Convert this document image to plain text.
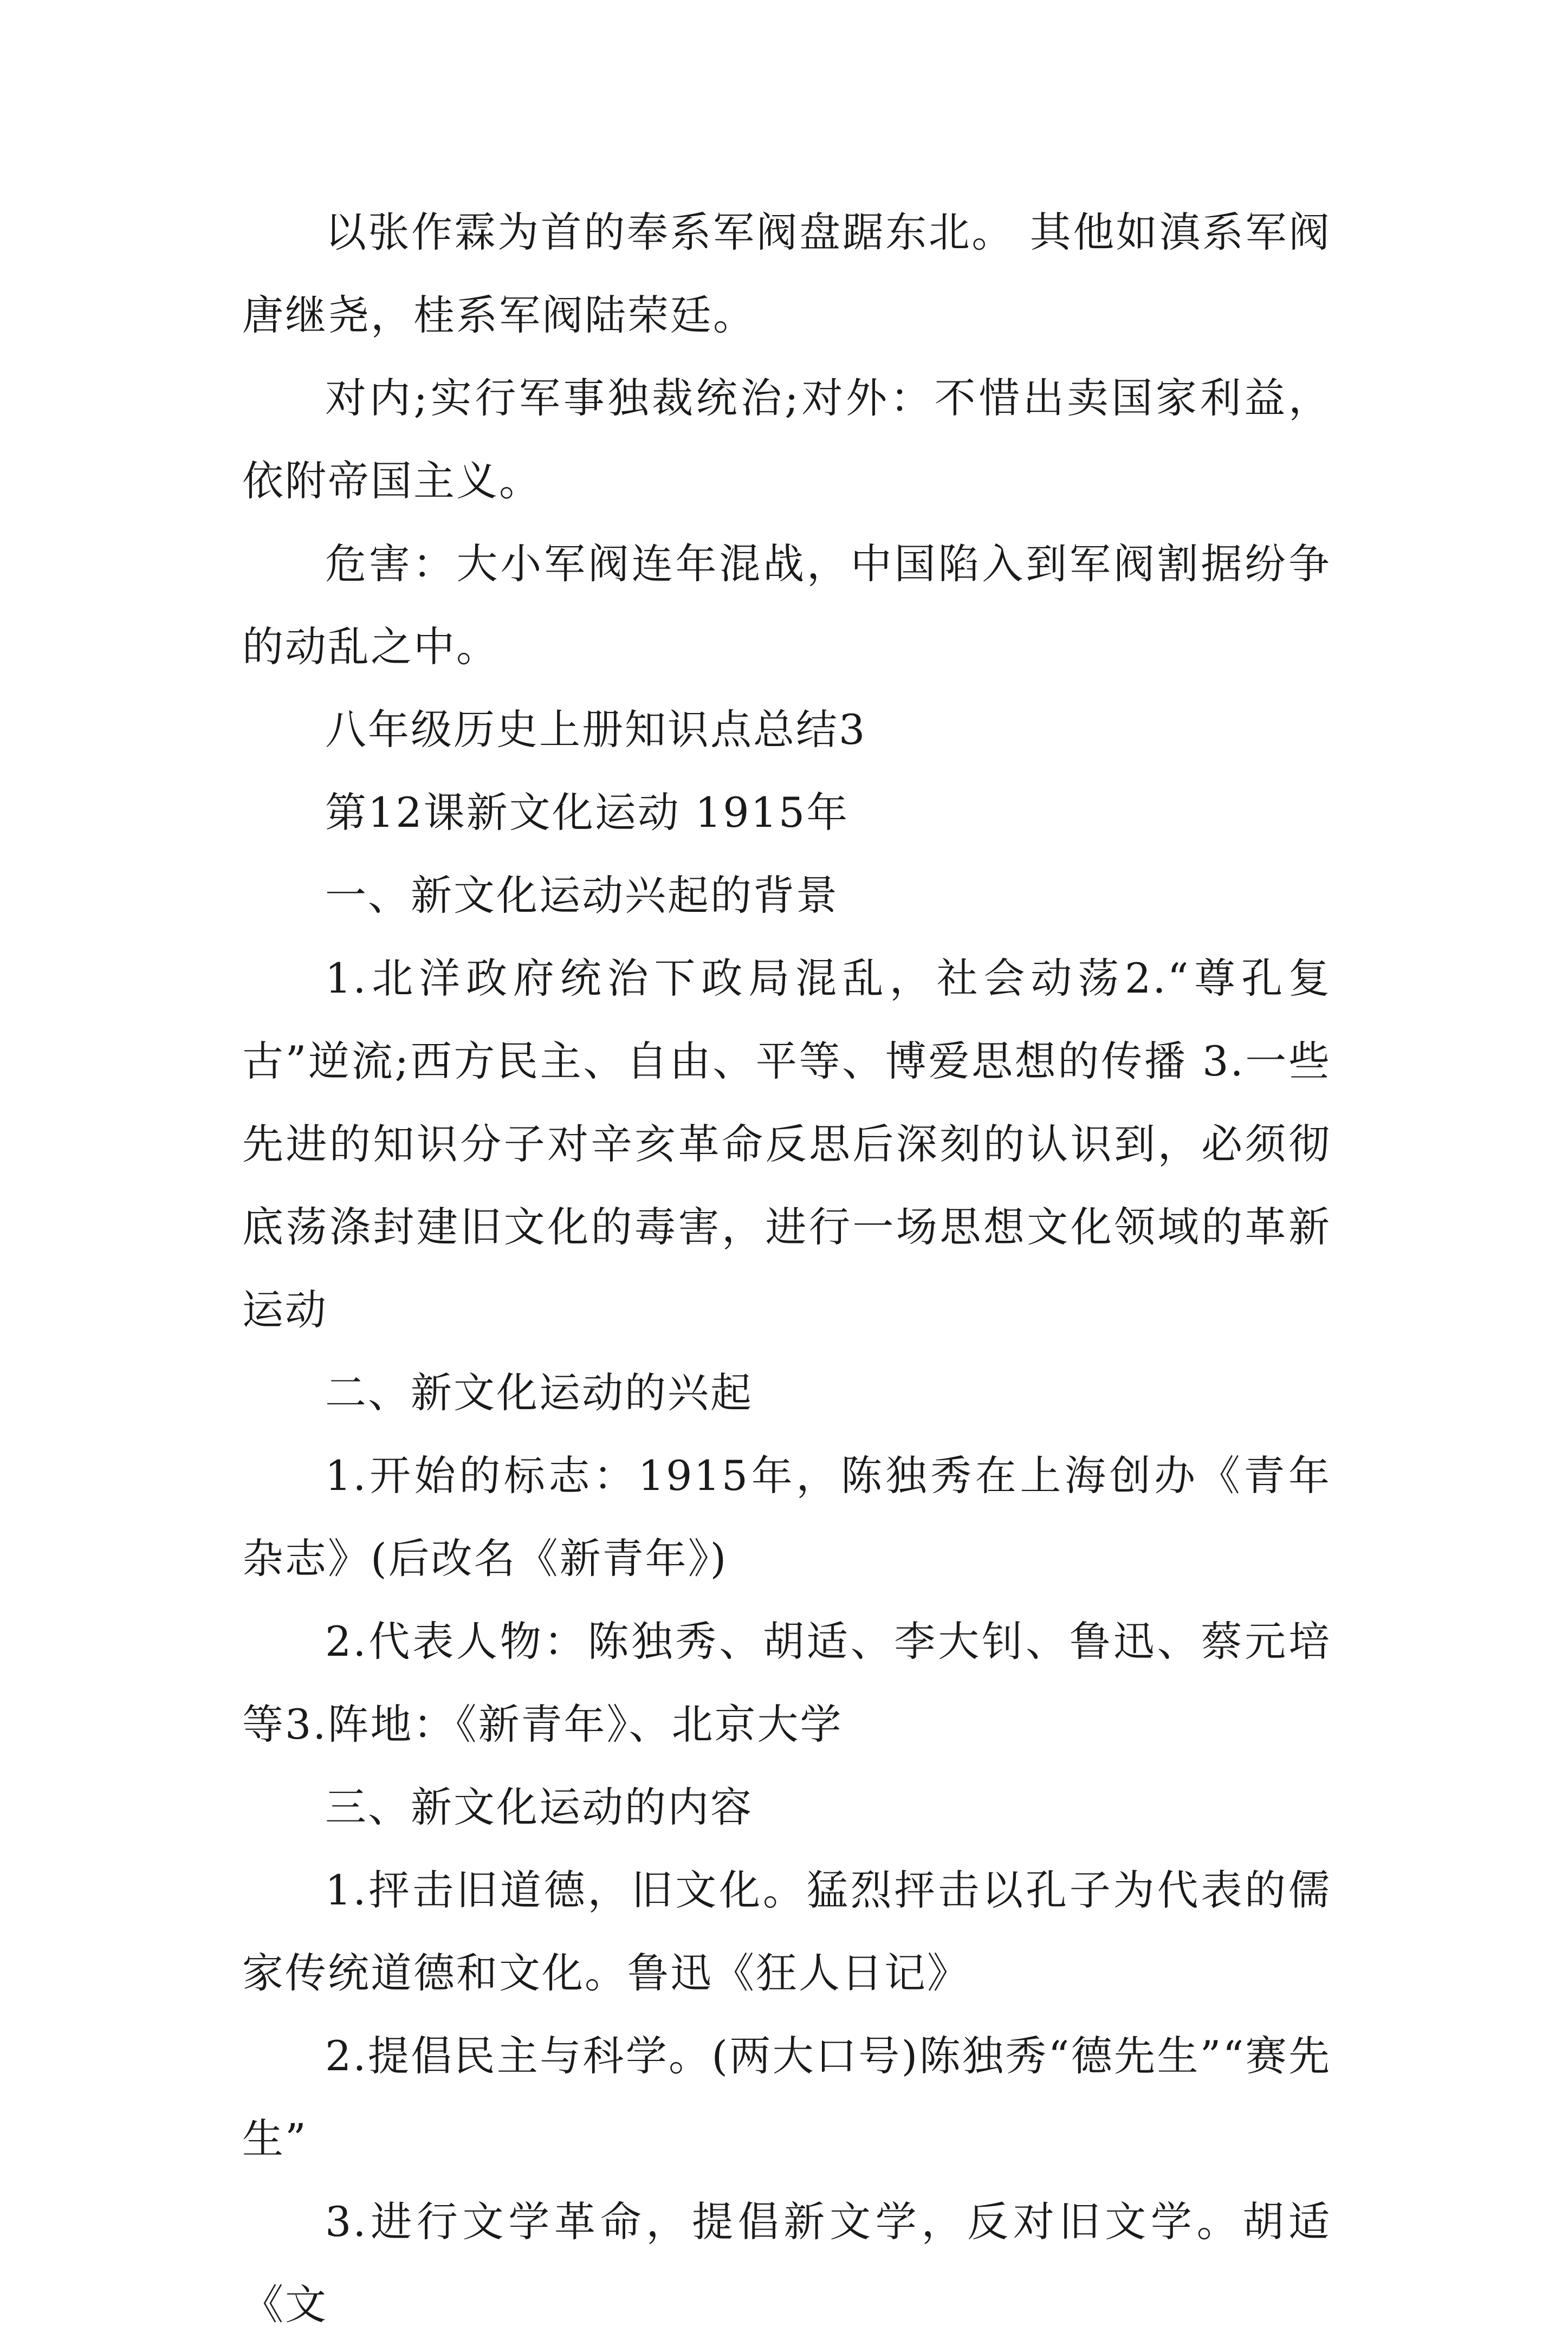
以张作霖为首的奉系军阀盘踞东北。 其他如滇系军阀唐继尧，桂系军阀陆荣廷。

对内;实行军事独裁统治;对外：不惜出卖国家利益，依附帝国主义。

危害：大小军阀连年混战，中国陷入到军阀割据纷争的动乱之中。

八年级历史上册知识点总结3

第12课新文化运动 1915年

一、新文化运动兴起的背景

1.北洋政府统治下政局混乱，社会动荡2.“尊孔复古”逆流;西方民主、自由、平等、博爱思想的传播 3.一些先进的知识分子对辛亥革命反思后深刻的认识到，必须彻底荡涤封建旧文化的毒害，进行一场思想文化领域的革新运动

二、新文化运动的兴起

1.开始的标志：1915年，陈独秀在上海创办《青年杂志》(后改名《新青年》)

2.代表人物：陈独秀、胡适、李大钊、鲁迅、蔡元培等3.阵地：《新青年》、北京大学

三、新文化运动的内容

1.抨击旧道德，旧文化。猛烈抨击以孔子为代表的儒家传统道德和文化。鲁迅《狂人日记》

2.提倡民主与科学。(两大口号)陈独秀“德先生”“赛先生”

3.进行文学革命，提倡新文学，反对旧文学。胡适《文
